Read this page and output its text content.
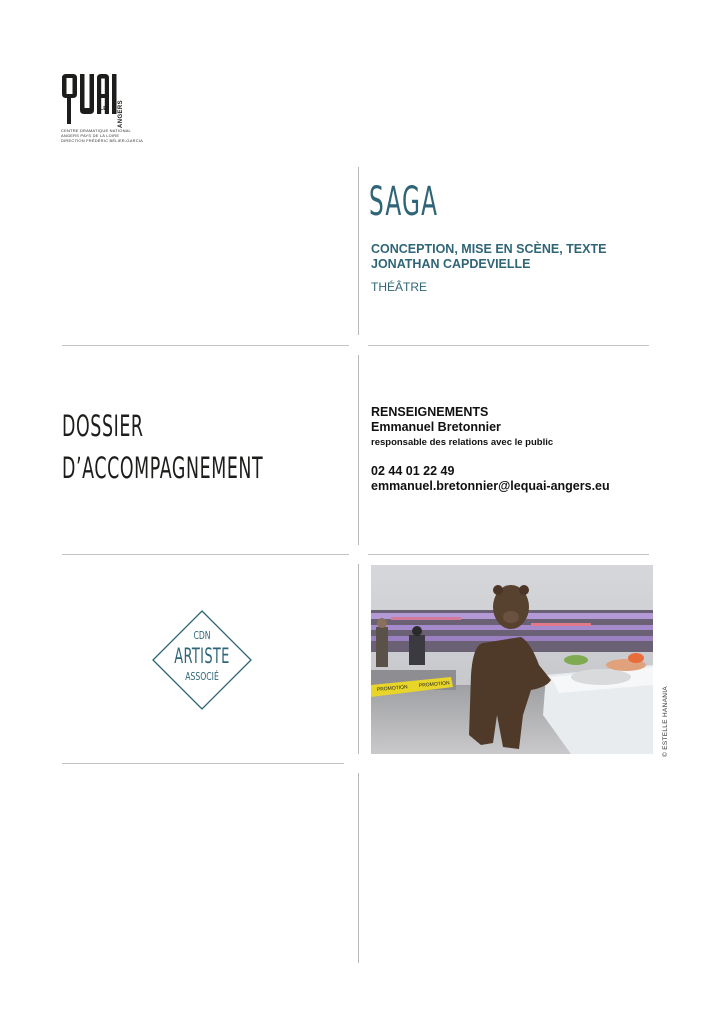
LE ANGERS
CENTRE DRAMATIQUE NATIONAL
ANGERS PAYS DE LA LOIRE
DIRECTION FRÉDÉRIC BÉLIER-GARCIA
SAGA
CONCEPTION, MISE EN SCÈNE, TEXTE
JONATHAN CAPDEVIELLE
THÉÂTRE
DOSSIER
D’ACCOMPAGNEMENT
RENSEIGNEMENTS
Emmanuel Bretonnier
responsable des relations avec le public
02 44 01 22 49
emmanuel.bretonnier@lequai-angers.eu
CDN
ARTISTE
ASSOCIÉ
PROMOTION PROMOTION
© ESTELLE HANANIA
